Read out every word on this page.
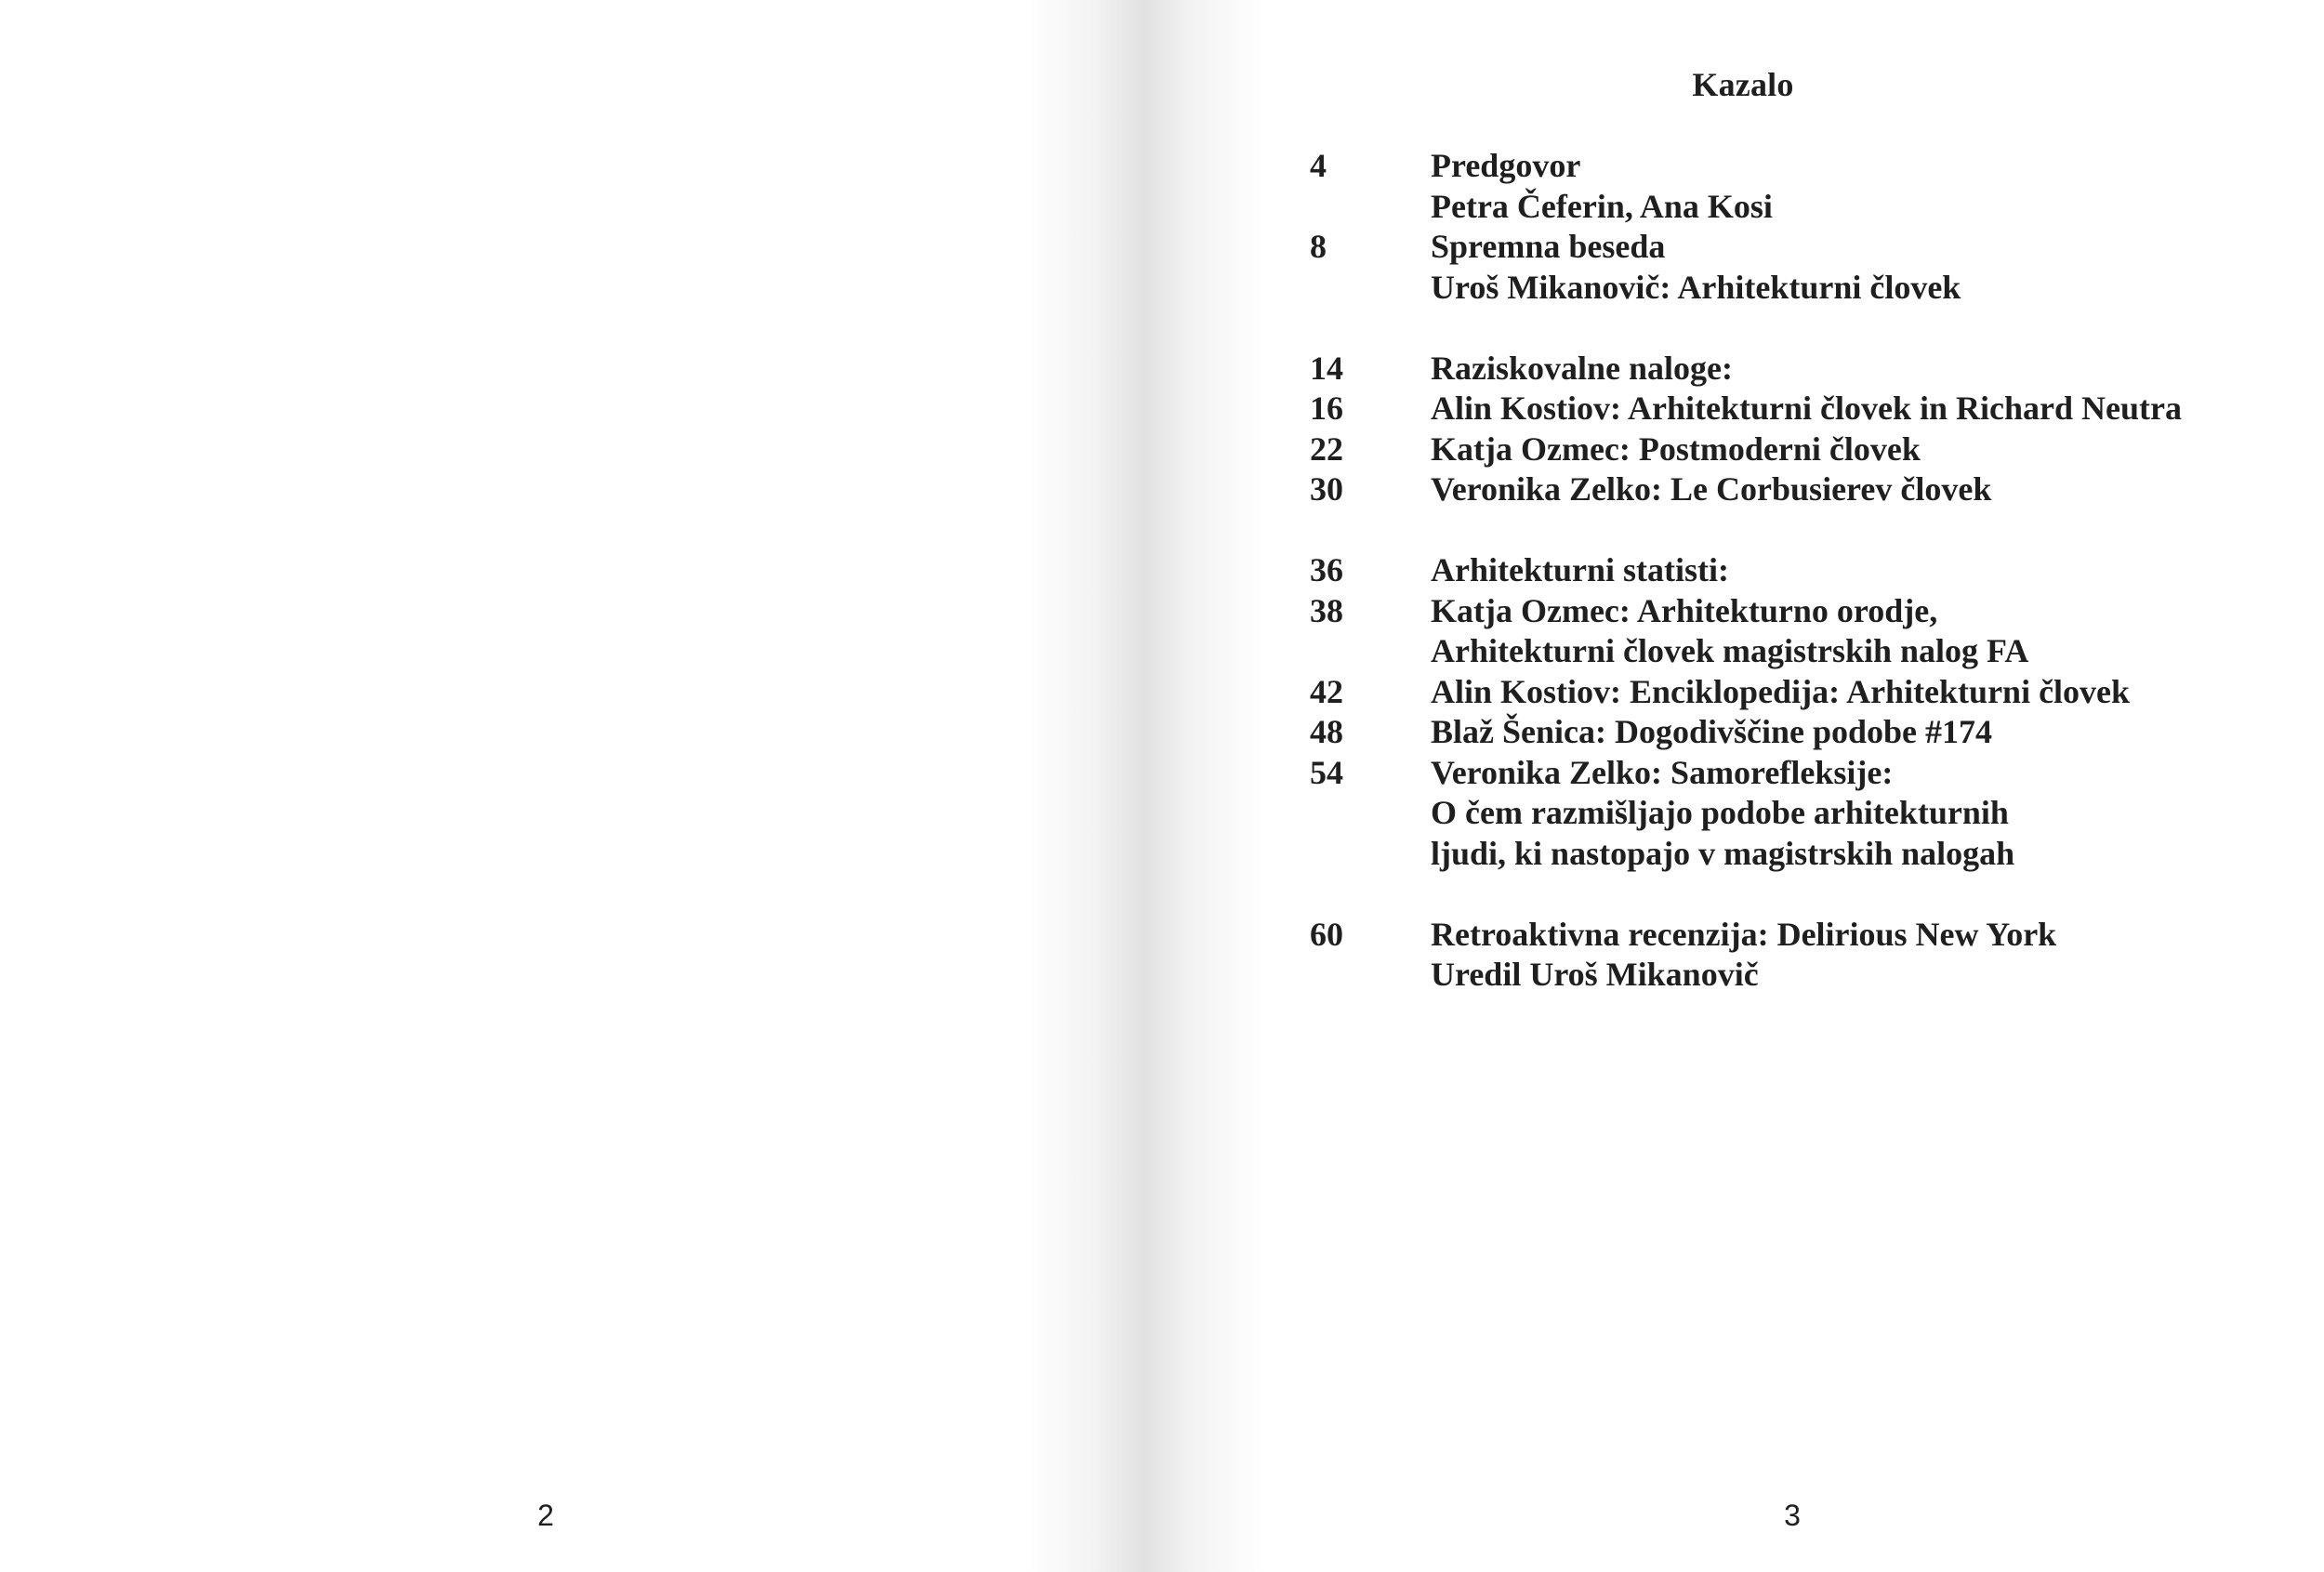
2
Kazalo
4	Predgovor
Petra Čeferin, Ana Kosi
8	Spremna beseda
Uroš Mikanovič: Arhitekturni človek
14	Raziskovalne naloge:
16	Alin Kostiov: Arhitekturni človek in Richard Neutra
22	Katja Ozmec: Postmoderni človek
30	Veronika Zelko: Le Corbusierev človek
36	Arhitekturni statisti:
38	Katja Ozmec: Arhitekturno orodje,
Arhitekturni človek magistrskih nalog FA
42	Alin Kostiov: Enciklopedija: Arhitekturni človek
48	Blaž Šenica: Dogodivščine podobe #174
54	Veronika Zelko: Samorefleksije:
O čem razmišljajo podobe arhitekturnih
ljudi, ki nastopajo v magistrskih nalogah
60	Retroaktivna recenzija: Delirious New York
Uredil Uroš Mikanovič
3
